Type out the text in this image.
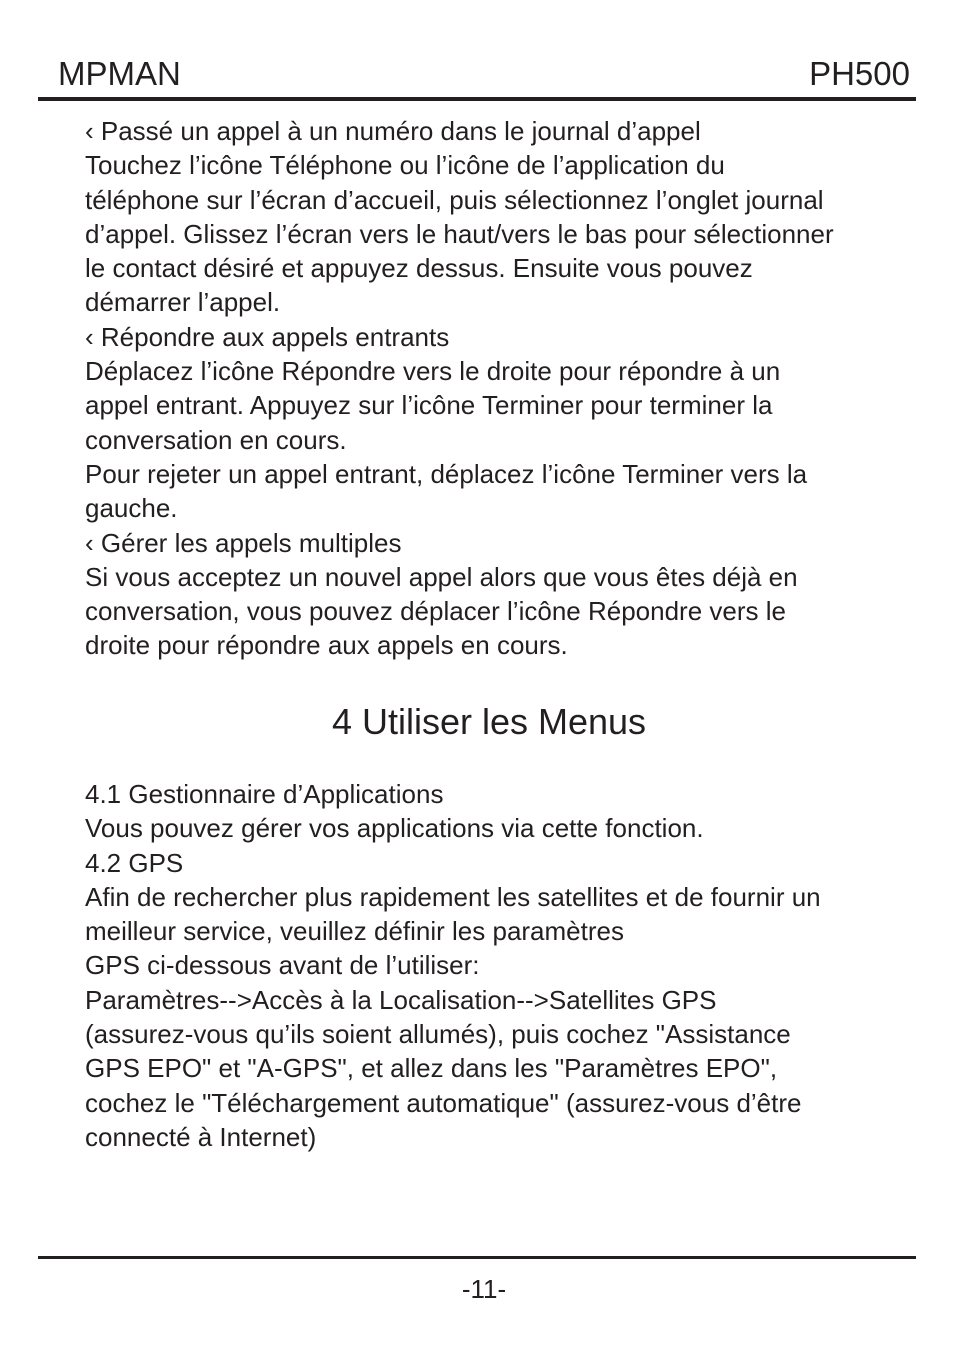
MPMAN	PH500

‹ Passé un appel à un numéro dans le journal d’appel

Touchez l’icône Téléphone ou l’icône de l’application du

téléphone sur l’écran d’accueil, puis sélectionnez l’onglet journal

d’appel. Glissez l’écran vers le haut/vers le bas pour sélectionner

le contact désiré et appuyez dessus. Ensuite vous pouvez

démarrer l’appel.

‹ Répondre aux appels entrants

Déplacez l’icône Répondre vers le droite pour répondre à un

appel entrant. Appuyez sur l’icône Terminer pour terminer la

conversation en cours.

Pour rejeter un appel entrant, déplacez l’icône Terminer vers la

gauche.

‹ Gérer les appels multiples

Si vous acceptez un nouvel appel alors que vous êtes déjà en

conversation, vous pouvez déplacer l’icône Répondre vers le

droite pour répondre aux appels en cours.

4 Utiliser les Menus

4.1 Gestionnaire d’Applications

Vous pouvez gérer vos applications via cette fonction.

4.2 GPS

Afin de rechercher plus rapidement les satellites et de fournir un

meilleur service, veuillez définir les paramètres

GPS ci-dessous avant de l’utiliser:

Paramètres-->Accès à la Localisation-->Satellites GPS

(assurez-vous qu’ils soient allumés), puis cochez "Assistance

GPS EPO" et "A-GPS", et allez dans les "Paramètres EPO",

cochez le "Téléchargement automatique" (assurez-vous d’être

connecté à Internet)

-11-
